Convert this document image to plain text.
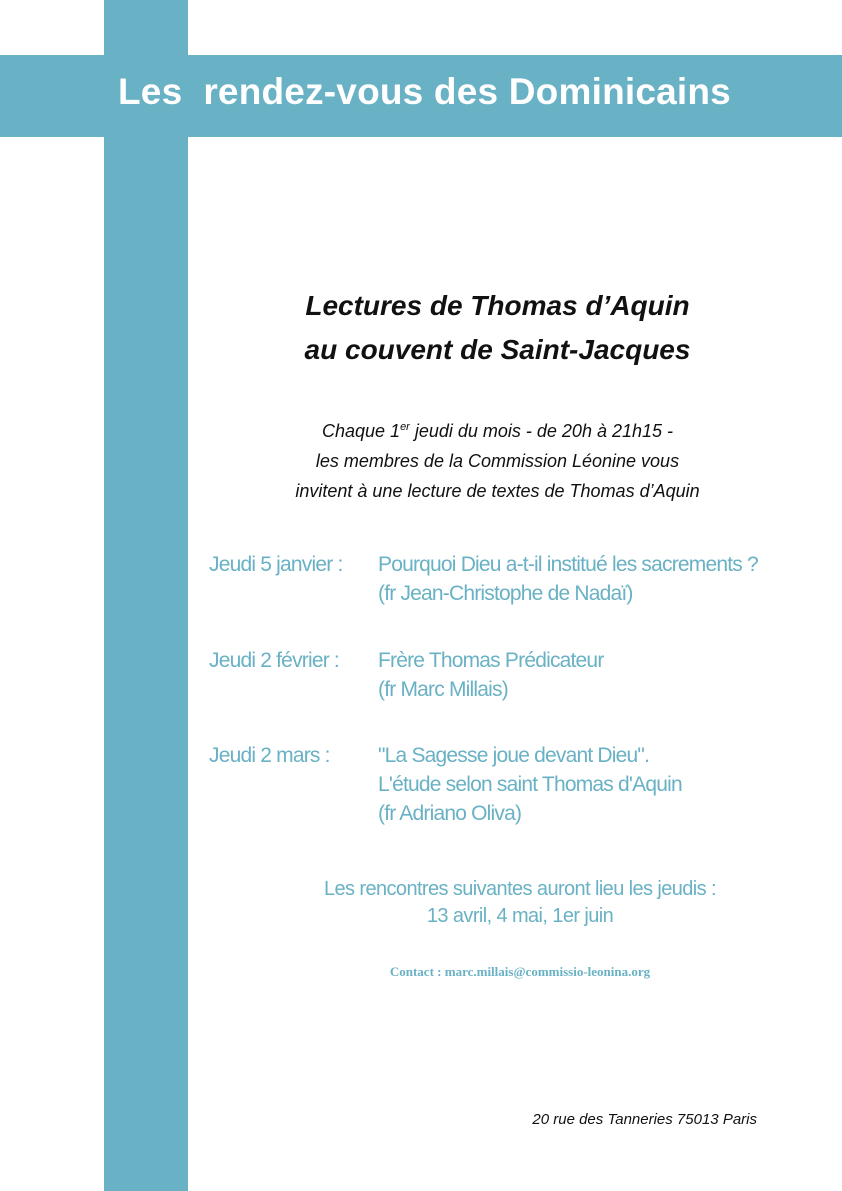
Les  rendez-vous des Dominicains
Lectures de Thomas d’Aquin
au couvent de Saint-Jacques
Chaque 1er jeudi du mois - de 20h à 21h15 -
les membres de la Commission Léonine vous
invitent à une lecture de textes de Thomas d’Aquin
Jeudi 5 janvier : Pourquoi Dieu a-t-il institué les sacrements ?
(fr Jean-Christophe de Nadaï)
Jeudi 2 février : Frère Thomas Prédicateur
(fr Marc Millais)
Jeudi 2 mars : "La Sagesse joue devant Dieu".
L'étude selon saint Thomas d'Aquin
(fr Adriano Oliva)
Les rencontres suivantes auront lieu les jeudis :
13 avril, 4 mai, 1er juin
Contact : marc.millais@commissio-leonina.org
20 rue des Tanneries 75013 Paris
